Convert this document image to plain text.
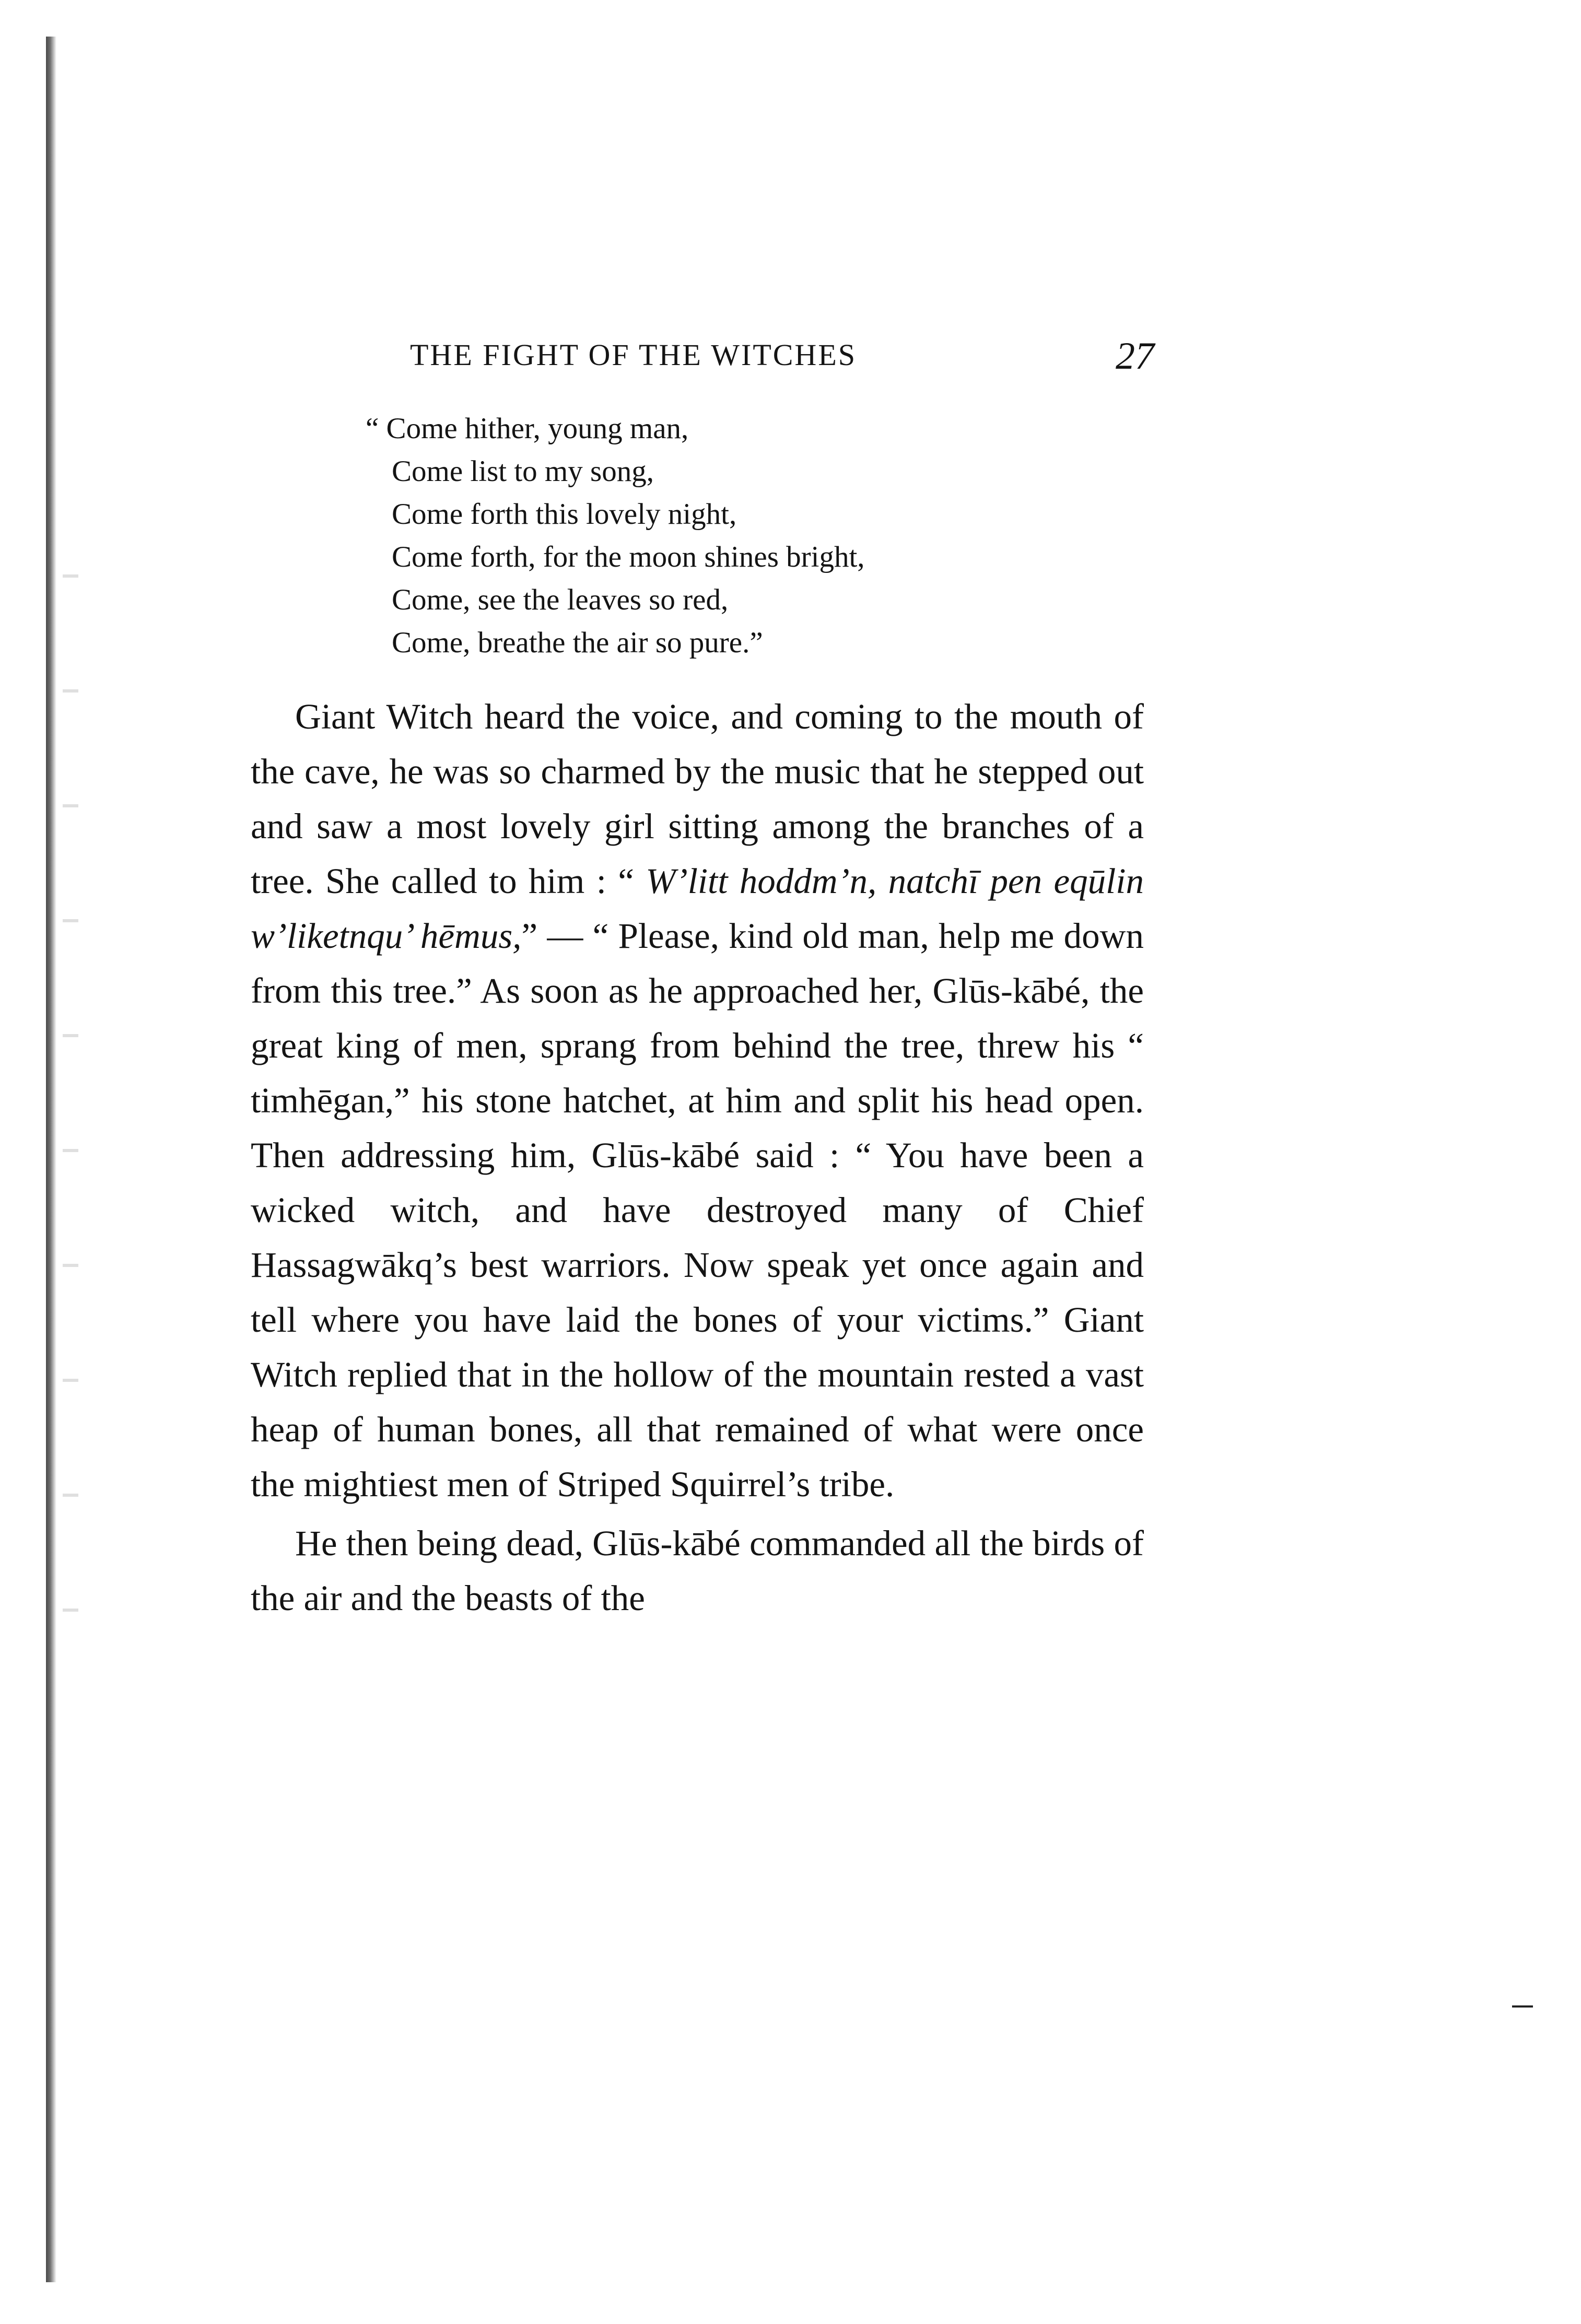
THE FIGHT OF THE WITCHES	27
“ Come hither, young man,
Come list to my song,
Come forth this lovely night,
Come forth, for the moon shines bright,
Come, see the leaves so red,
Come, breathe the air so pure.”

Giant Witch heard the voice, and coming to the mouth of the cave, he was so charmed by the music that he stepped out and saw a most lovely girl sitting among the branches of a tree. She called to him : “ W’litt hoddm’n, natchī pen eqūlin w’liketnqu’ hēmus,” — “ Please, kind old man, help me down from this tree.” As soon as he approached her, Glūs-kābé, the great king of men, sprang from behind the tree, threw his “ timhēgan,” his stone hatchet, at him and split his head open. Then addressing him, Glūs-kābé said : “ You have been a wicked witch, and have destroyed many of Chief Hassagwākq’s best warriors. Now speak yet once again and tell where you have laid the bones of your victims.” Giant Witch replied that in the hollow of the mountain rested a vast heap of human bones, all that remained of what were once the mightiest men of Striped Squirrel’s tribe.

He then being dead, Glūs-kābé commanded all the birds of the air and the beasts of the
